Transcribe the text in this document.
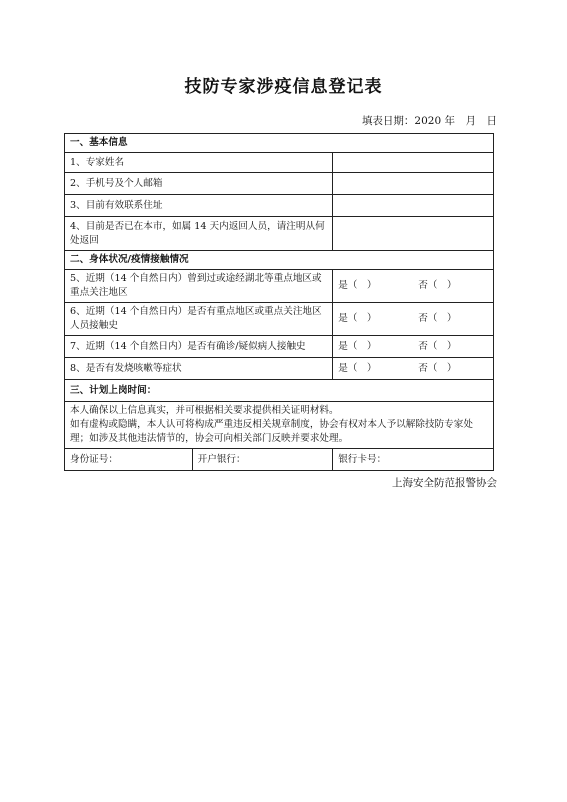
技防专家涉疫信息登记表
填表日期：2020 年　月　日
一、基本信息		
1、专家姓名		
2、手机号及个人邮箱		
3、目前有效联系住址		
4、目前是否已在本市，如属 14 天内返回人员，请注明从何处返回		
二、身体状况/疫情接触情况		
5、近期（14 个自然日内）曾到过或途经湖北等重点地区或重点关注地区		是（　） 否（　）
6、近期（14 个自然日内）是否有重点地区或重点关注地区人员接触史		是（　） 否（　）
7、近期（14 个自然日内）是否有确诊/疑似病人接触史		是（　） 否（　）
8、是否有发烧咳嗽等症状		是（　） 否（　）
三、计划上岗时间：		

本人确保以上信息真实，并可根据相关要求提供相关证明材料。
如有虚构或隐瞒，本人认可将构成严重违反相关规章制度，协会有权对本人予以解除技防专家处理；如涉及其他违法情节的，协会可向相关部门反映并要求处理。		

身份证号：	开户银行：	银行卡号：
上海安全防范报警协会
